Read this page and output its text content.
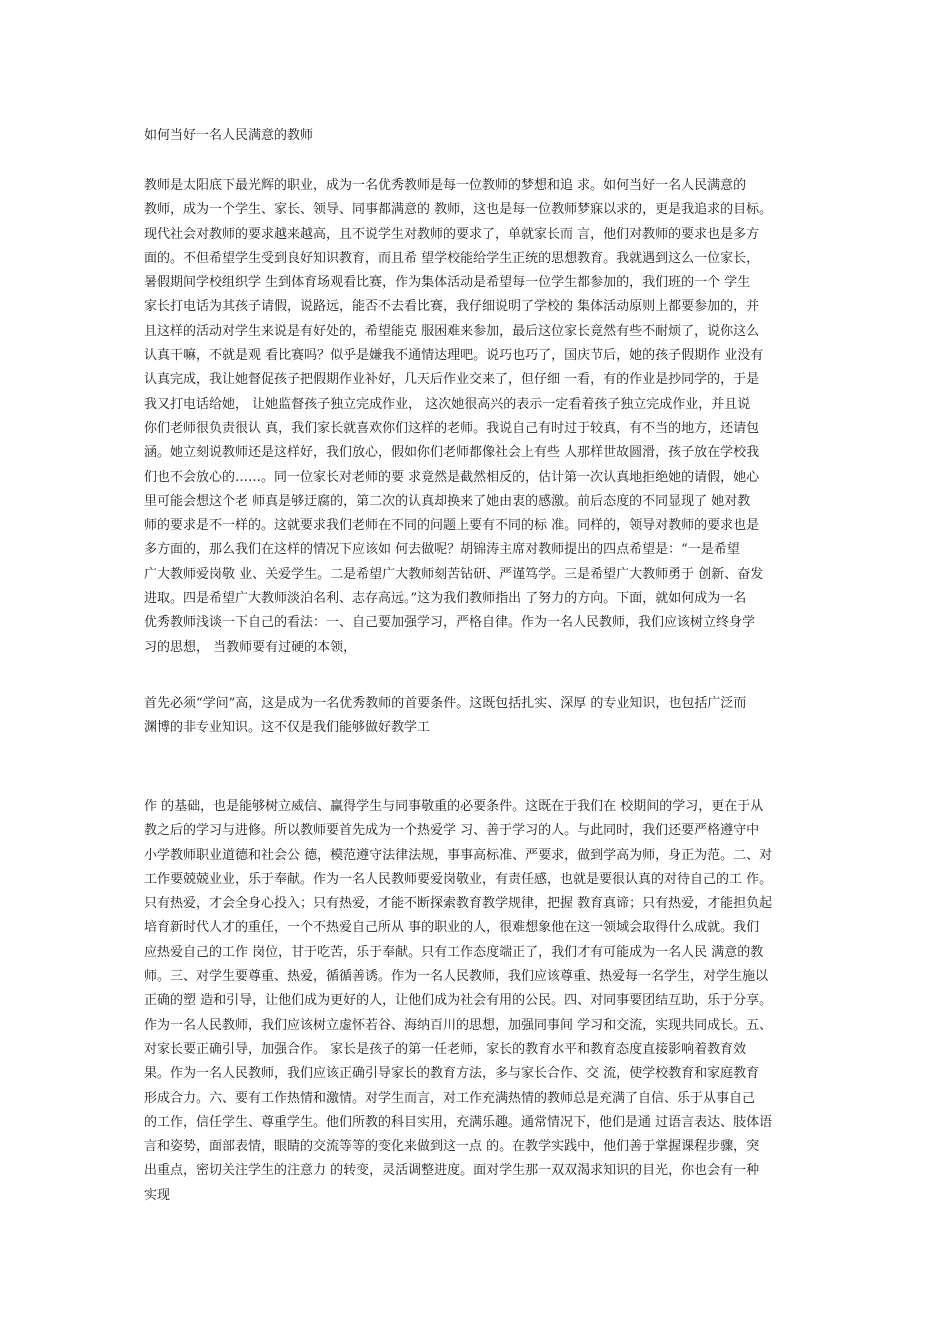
如何当好一名人民满意的教师
教师是太阳底下最光辉的职业，成为一名优秀教师是每一位教师的梦想和追 求。如何当好一名人民满意的
教师，成为一个学生、家长、领导、同事都满意的 教师，这也是每一位教师梦寐以求的，更是我追求的目标。
现代社会对教师的要求越来越高，且不说学生对教师的要求了，单就家长而 言，他们对教师的要求也是多方
面的。不但希望学生受到良好知识教育，而且希 望学校能给学生正统的思想教育。我就遇到这么一位家长，
暑假期间学校组织学 生到体育场观看比赛，作为集体活动是希望每一位学生都参加的，我们班的一个 学生
家长打电话为其孩子请假，说路远，能否不去看比赛，我仔细说明了学校的 集体活动原则上都要参加的，并
且这样的活动对学生来说是有好处的，希望能克 服困难来参加，最后这位家长竟然有些不耐烦了，说你这么
认真干嘛，不就是观 看比赛吗？似乎是嫌我不通情达理吧。说巧也巧了，国庆节后，她的孩子假期作 业没有
认真完成，我让她督促孩子把假期作业补好，几天后作业交来了，但仔细 一看，有的作业是抄同学的，于是
我又打电话给她， 让她监督孩子独立完成作业， 这次她很高兴的表示一定看着孩子独立完成作业，并且说
你们老师很负责很认 真，我们家长就喜欢你们这样的老师。我说自己有时过于较真，有不当的地方，还请包
涵。她立刻说教师还是这样好，我们放心，假如你们老师都像社会上有些 人那样世故圆滑，孩子放在学校我
们也不会放心的……。同一位家长对老师的要 求竟然是截然相反的，估计第一次认真地拒绝她的请假，她心
里可能会想这个老 师真是够迂腐的，第二次的认真却换来了她由衷的感激。前后态度的不同显现了 她对教
师的要求是不一样的。这就要求我们老师在不同的问题上要有不同的标 准。同样的，领导对教师的要求也是
多方面的，那么我们在这样的情况下应该如 何去做呢？胡锦涛主席对教师提出的四点希望是：“一是希望
广大教师爱岗敬 业、关爱学生。二是希望广大教师刻苦钻研、严谨笃学。三是希望广大教师勇于 创新、奋发
进取。四是希望广大教师淡泊名利、志存高远。”这为我们教师指出 了努力的方向。下面，就如何成为一名
优秀教师浅谈一下自己的看法：一、自己要加强学习，严格自律。作为一名人民教师，我们应该树立终身学
习的思想， 当教师要有过硬的本领，
首先必须“学问”高，这是成为一名优秀教师的首要条件。这既包括扎实、深厚 的专业知识，也包括广泛而
渊博的非专业知识。这不仅是我们能够做好教学工
作 的基础，也是能够树立威信、赢得学生与同事敬重的必要条件。这既在于我们在 校期间的学习，更在于从
教之后的学习与进修。所以教师要首先成为一个热爱学 习、善于学习的人。与此同时，我们还要严格遵守中
小学教师职业道德和社会公 德，模范遵守法律法规，事事高标准、严要求，做到学高为师，身正为范。二、对
工作要兢兢业业，乐于奉献。作为一名人民教师要爱岗敬业，有责任感，也就是要很认真的对待自己的工 作。
只有热爱，才会全身心投入；只有热爱，才能不断探索教育教学规律，把握 教育真谛；只有热爱，才能担负起
培育新时代人才的重任，一个不热爱自己所从 事的职业的人，很难想象他在这一领域会取得什么成就。我们
应热爱自己的工作 岗位，甘于吃苦，乐于奉献。只有工作态度端正了，我们才有可能成为一名人民 满意的教
师。三、对学生要尊重、热爱，循循善诱。作为一名人民教师，我们应该尊重、热爱每一名学生，对学生施以
正确的塑 造和引导，让他们成为更好的人，让他们成为社会有用的公民。四、对同事要团结互助，乐于分享。
作为一名人民教师，我们应该树立虚怀若谷、海纳百川的思想，加强同事间 学习和交流，实现共同成长。五、
对家长要正确引导，加强合作。 家长是孩子的第一任老师，家长的教育水平和教育态度直接影响着教育效
果。作为一名人民教师，我们应该正确引导家长的教育方法，多与家长合作、交 流，使学校教育和家庭教育
形成合力。六、要有工作热情和激情。对学生而言，对工作充满热情的教师总是充满了自信、乐于从事自己
的工作，信任学生、尊重学生。他们所教的科目实用，充满乐趣。通常情况下，他们是通 过语言表达、肢体语
言和姿势，面部表情，眼睛的交流等等的变化来做到这一点 的。在教学实践中，他们善于掌握课程步骤，突
出重点，密切关注学生的注意力 的转变，灵活调整进度。面对学生那一双双渴求知识的目光，你也会有一种
实现
